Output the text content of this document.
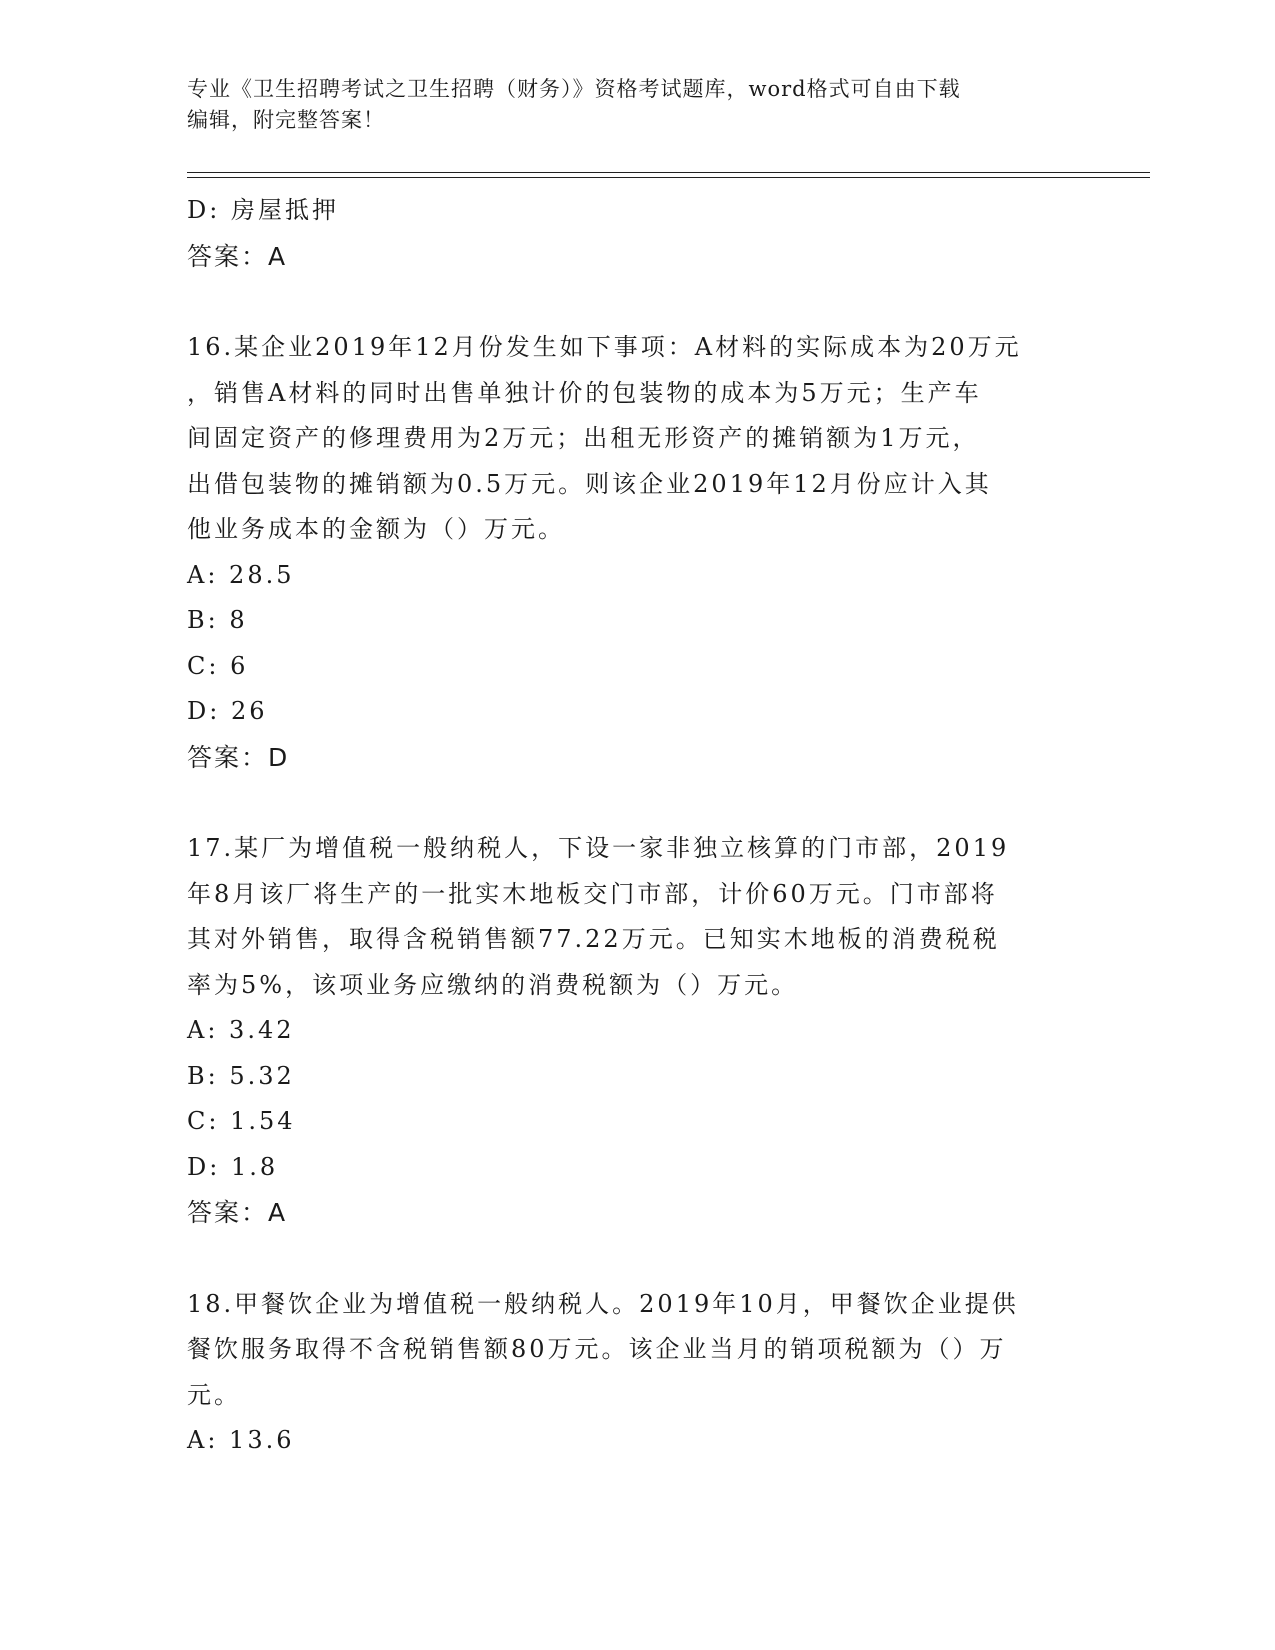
专业《卫生招聘考试之卫生招聘（财务）》资格考试题库，word格式可自由下载
编辑，附完整答案！
D: 房屋抵押
答案：A
16.某企业2019年12月份发生如下事项：A材料的实际成本为20万元
，销售A材料的同时出售单独计价的包装物的成本为5万元；生产车
间固定资产的修理费用为2万元；出租无形资产的摊销额为1万元，
出借包装物的摊销额为0.5万元。则该企业2019年12月份应计入其
他业务成本的金额为（）万元。
A: 28.5
B: 8
C: 6
D: 26
答案：D
17.某厂为增值税一般纳税人，下设一家非独立核算的门市部，2019
年8月该厂将生产的一批实木地板交门市部，计价60万元。门市部将
其对外销售，取得含税销售额77.22万元。已知实木地板的消费税税
率为5%，该项业务应缴纳的消费税额为（）万元。
A: 3.42
B: 5.32
C: 1.54
D: 1.8
答案：A
18.甲餐饮企业为增值税一般纳税人。2019年10月，甲餐饮企业提供
餐饮服务取得不含税销售额80万元。该企业当月的销项税额为（）万
元。
A: 13.6
